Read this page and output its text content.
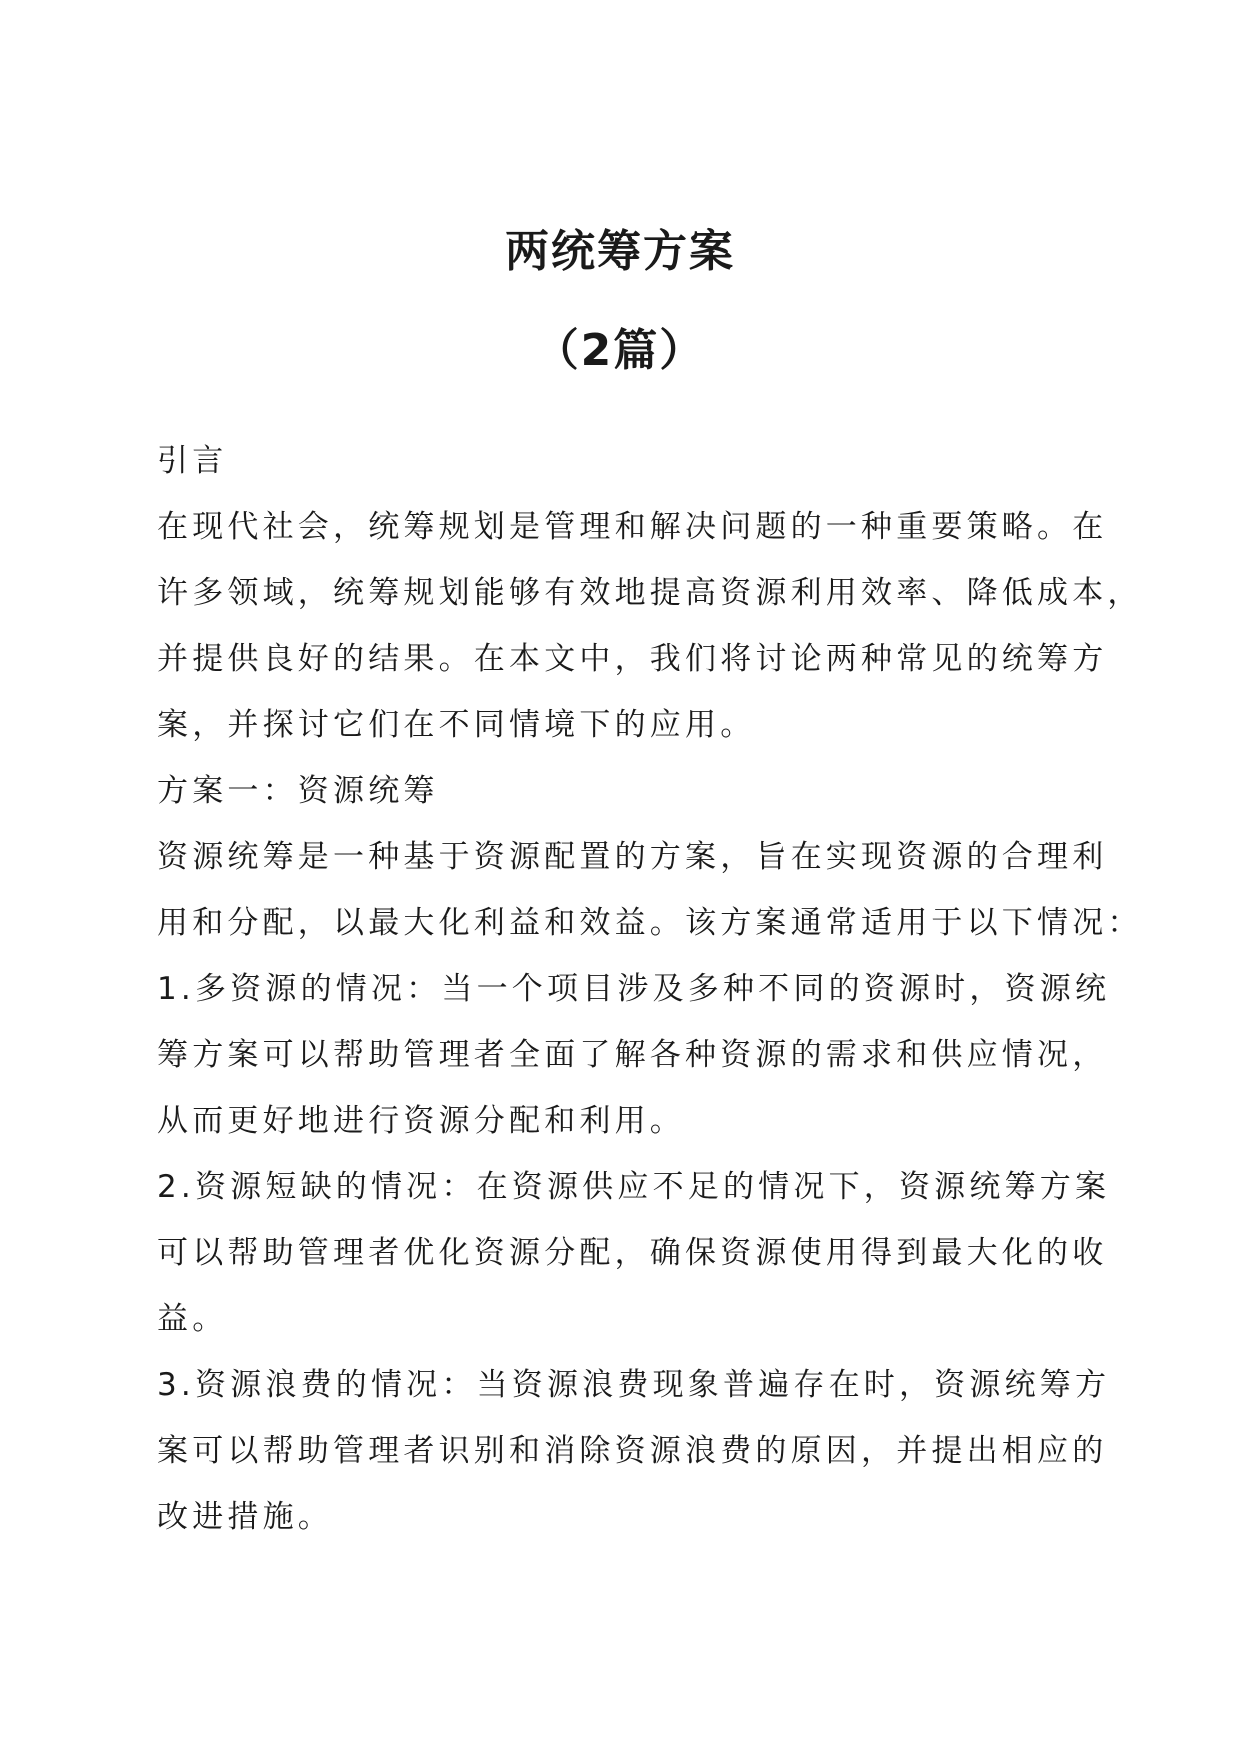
两统筹方案
（2篇）

引言

在现代社会，统筹规划是管理和解决问题的一种重要策略。在

许多领域，统筹规划能够有效地提高资源利用效率、降低成本，

并提供良好的结果。在本文中，我们将讨论两种常见的统筹方

案，并探讨它们在不同情境下的应用。

方案一：资源统筹

资源统筹是一种基于资源配置的方案，旨在实现资源的合理利

用和分配，以最大化利益和效益。该方案通常适用于以下情况：

1.多资源的情况：当一个项目涉及多种不同的资源时，资源统

筹方案可以帮助管理者全面了解各种资源的需求和供应情况，

从而更好地进行资源分配和利用。

2.资源短缺的情况：在资源供应不足的情况下，资源统筹方案

可以帮助管理者优化资源分配，确保资源使用得到最大化的收

益。

3.资源浪费的情况：当资源浪费现象普遍存在时，资源统筹方

案可以帮助管理者识别和消除资源浪费的原因，并提出相应的

改进措施。
